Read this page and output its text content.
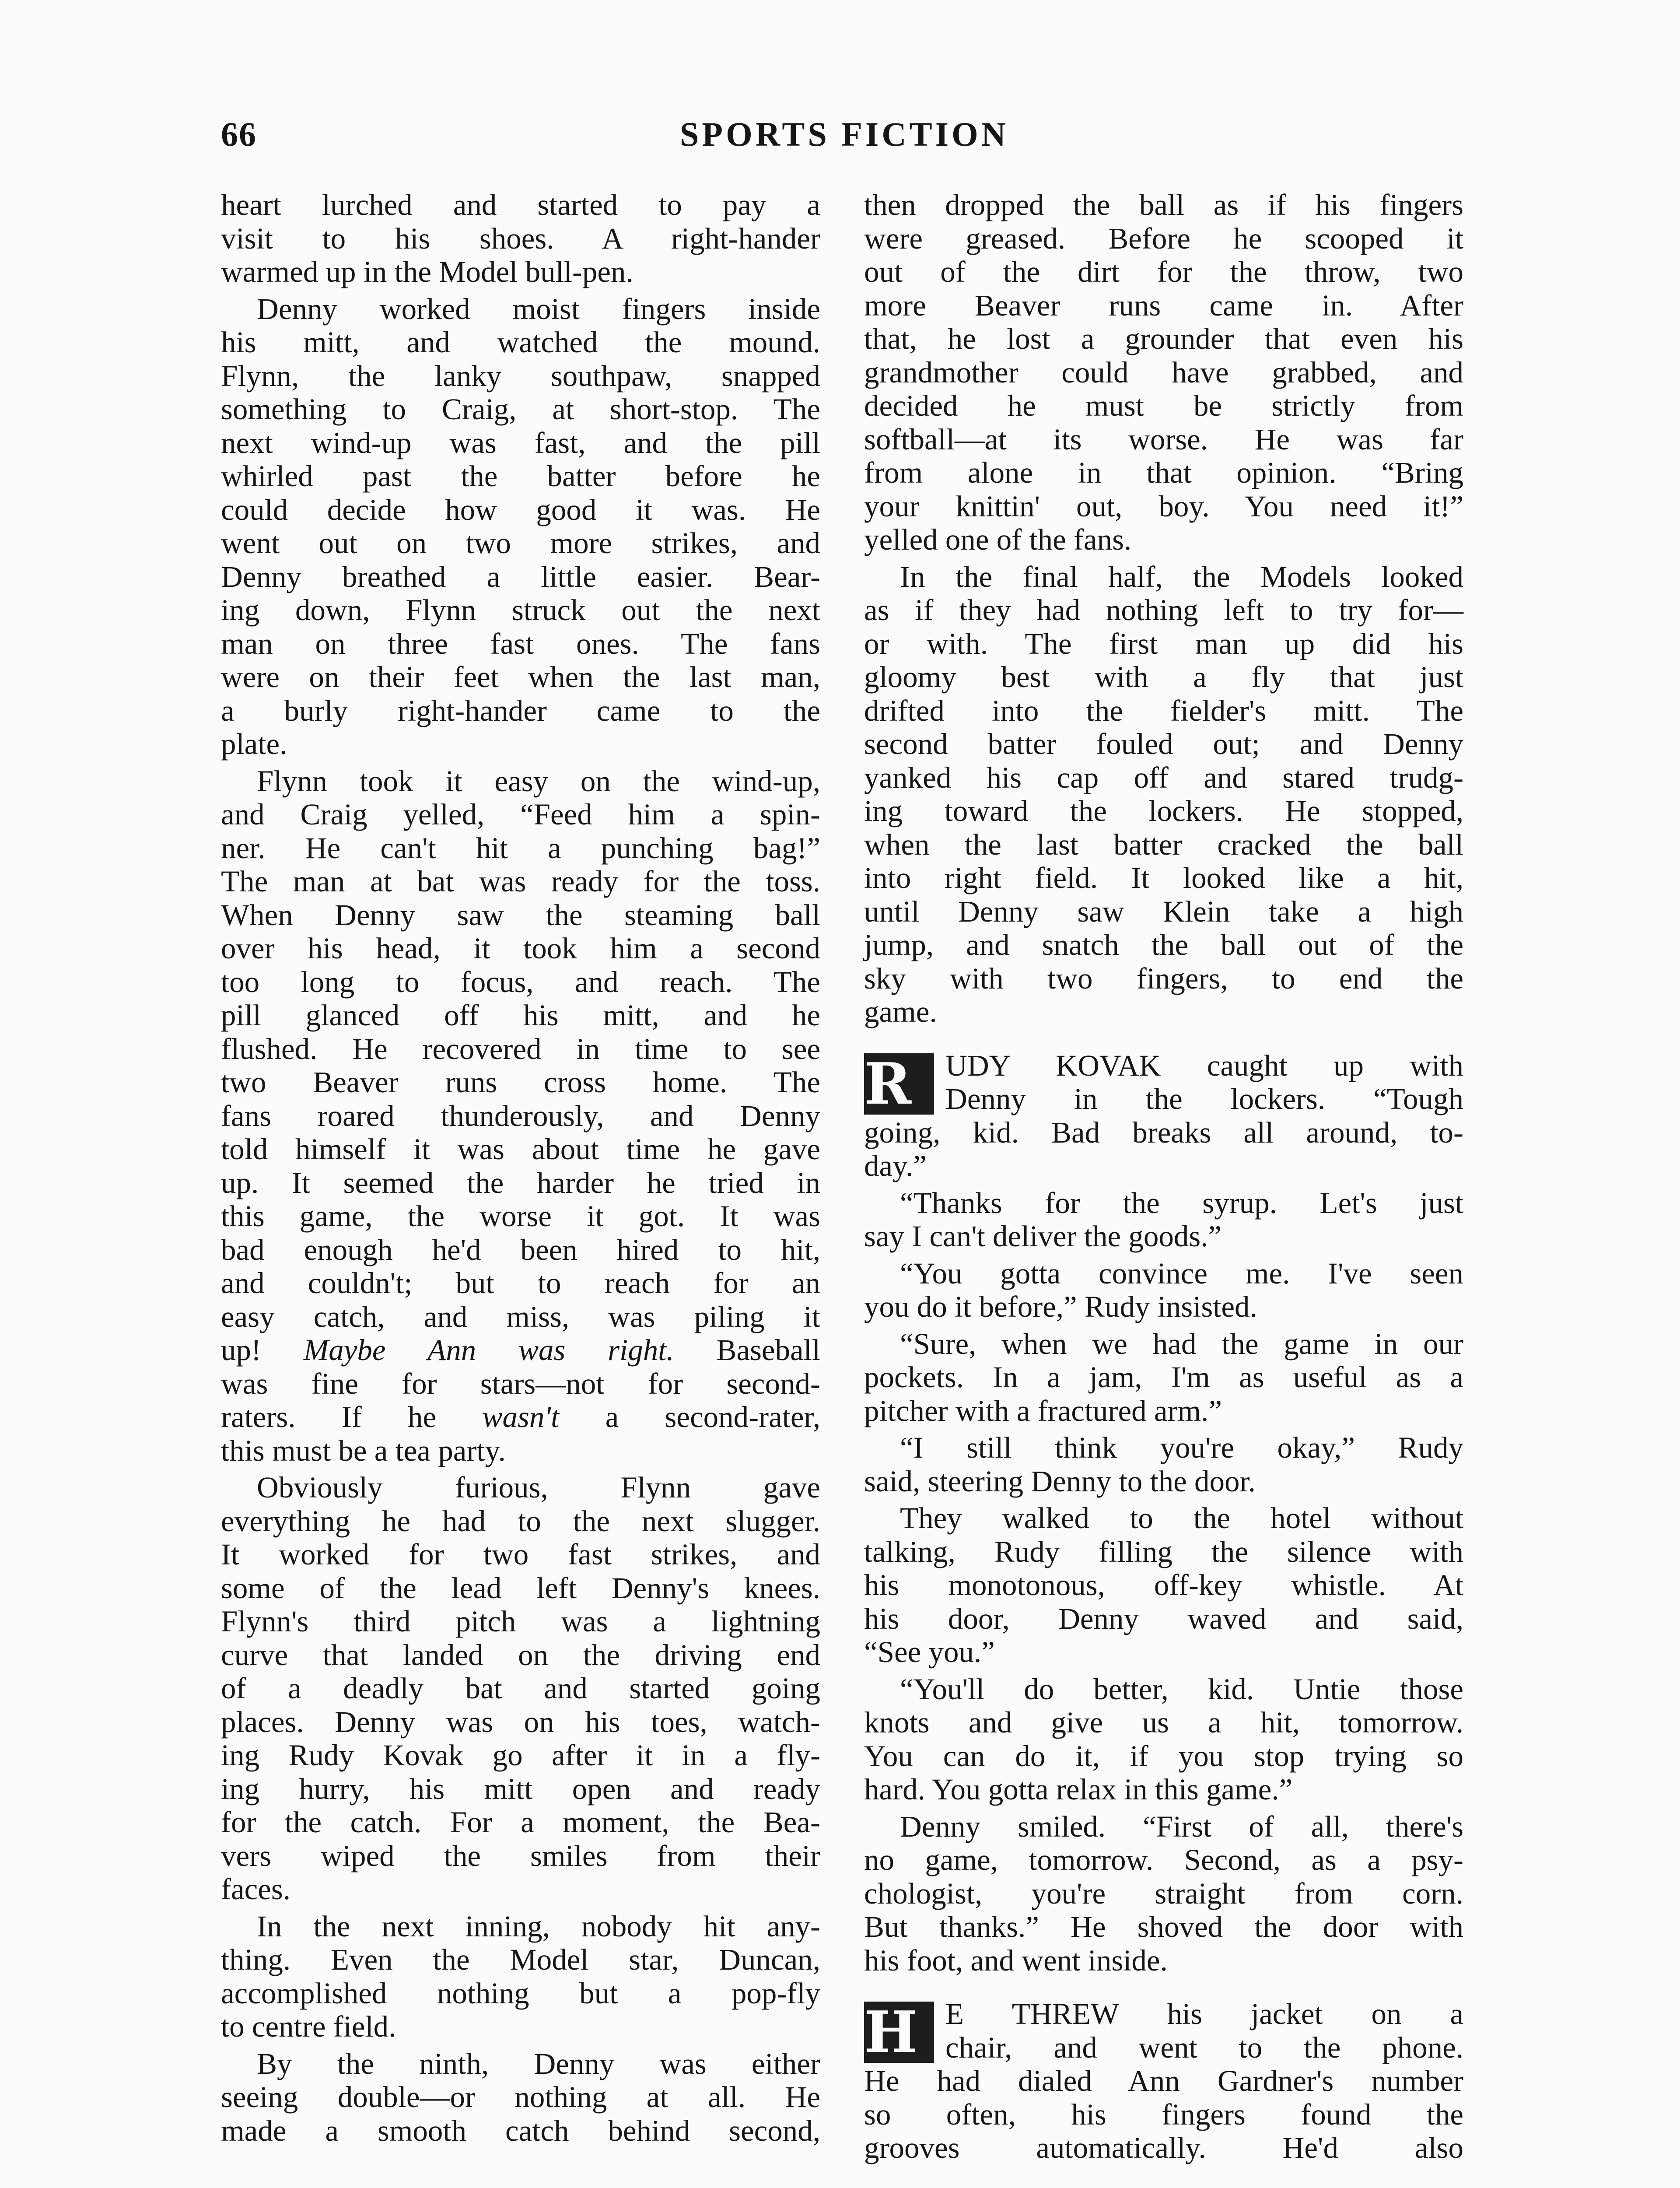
66	SPORTS FICTION

heart lurched and started to pay a
visit to his shoes. A right-hander
warmed up in the Model bull-pen.

Denny worked moist fingers inside
his mitt, and watched the mound.
Flynn, the lanky southpaw, snapped
something to Craig, at short-stop. The
next wind-up was fast, and the pill
whirled past the batter before he
could decide how good it was. He
went out on two more strikes, and
Denny breathed a little easier. Bear-
ing down, Flynn struck out the next
man on three fast ones. The fans
were on their feet when the last man,
a burly right-hander came to the
plate.

Flynn took it easy on the wind-up,
and Craig yelled, “Feed him a spin-
ner. He can't hit a punching bag!”
The man at bat was ready for the toss.
When Denny saw the steaming ball
over his head, it took him a second
too long to focus, and reach. The
pill glanced off his mitt, and he
flushed. He recovered in time to see
two Beaver runs cross home. The
fans roared thunderously, and Denny
told himself it was about time he gave
up. It seemed the harder he tried in
this game, the worse it got. It was
bad enough he'd been hired to hit,
and couldn't; but to reach for an
easy catch, and miss, was piling it
up! Maybe Ann was right. Baseball
was fine for stars—not for second-
raters. If he wasn't a second-rater,
this must be a tea party.

Obviously furious, Flynn gave
everything he had to the next slugger.
It worked for two fast strikes, and
some of the lead left Denny's knees.
Flynn's third pitch was a lightning
curve that landed on the driving end
of a deadly bat and started going
places. Denny was on his toes, watch-
ing Rudy Kovak go after it in a fly-
ing hurry, his mitt open and ready
for the catch. For a moment, the Bea-
vers wiped the smiles from their
faces.

In the next inning, nobody hit any-
thing. Even the Model star, Duncan,
accomplished nothing but a pop-fly
to centre field.

By the ninth, Denny was either
seeing double—or nothing at all. He
made a smooth catch behind second,

then dropped the ball as if his fingers
were greased. Before he scooped it
out of the dirt for the throw, two
more Beaver runs came in. After
that, he lost a grounder that even his
grandmother could have grabbed, and
decided he must be strictly from
softball—at its worse. He was far
from alone in that opinion. “Bring
your knittin' out, boy. You need it!”
yelled one of the fans.

In the final half, the Models looked
as if they had nothing left to try for—
or with. The first man up did his
gloomy best with a fly that just
drifted into the fielder's mitt. The
second batter fouled out; and Denny
yanked his cap off and stared trudg-
ing toward the lockers. He stopped,
when the last batter cracked the ball
into right field. It looked like a hit,
until Denny saw Klein take a high
jump, and snatch the ball out of the
sky with two fingers, to end the
game.

R	UDY KOVAK caught up with
Denny in the lockers. “Tough
going, kid. Bad breaks all around, to-
day.”

“Thanks for the syrup. Let's just
say I can't deliver the goods.”

“You gotta convince me. I've seen
you do it before,” Rudy insisted.

“Sure, when we had the game in our
pockets. In a jam, I'm as useful as a
pitcher with a fractured arm.”

“I still think you're okay,” Rudy
said, steering Denny to the door.

They walked to the hotel without
talking, Rudy filling the silence with
his monotonous, off-key whistle. At
his door, Denny waved and said,
“See you.”

“You'll do better, kid. Untie those
knots and give us a hit, tomorrow.
You can do it, if you stop trying so
hard. You gotta relax in this game.”

Denny smiled. “First of all, there's
no game, tomorrow. Second, as a psy-
chologist, you're straight from corn.
But thanks.” He shoved the door with
his foot, and went inside.

H E THREW his jacket on a
chair, and went to the phone.
He had dialed Ann Gardner's number
so often, his fingers found the
grooves automatically. He'd also
